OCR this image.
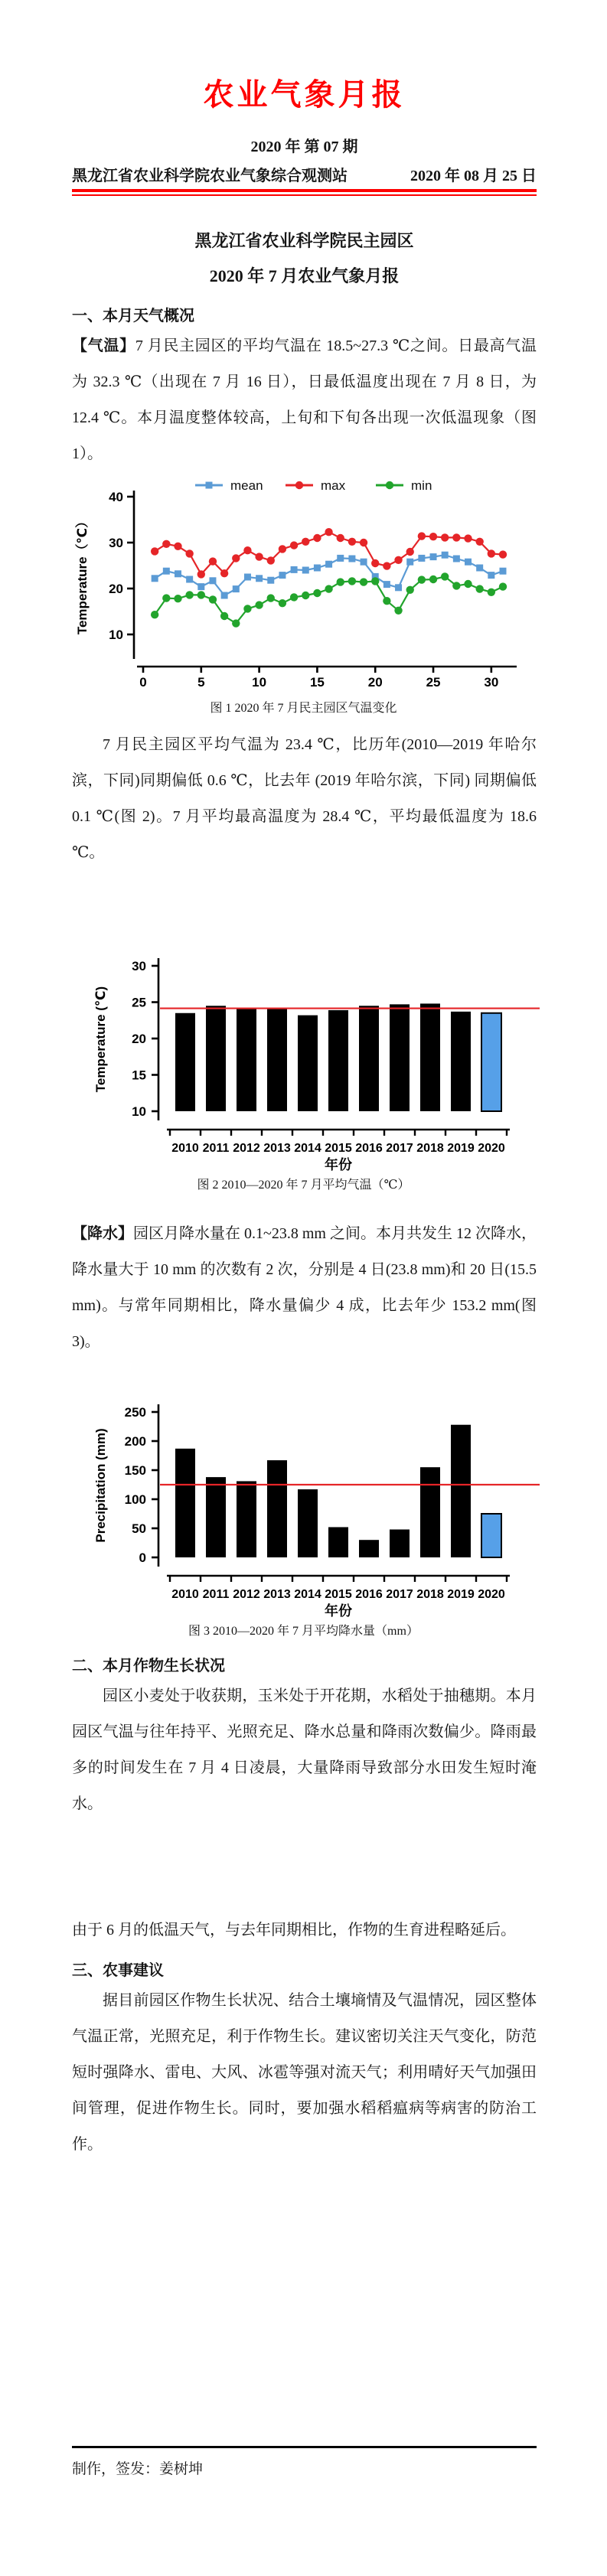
农业气象月报
2020 年 第 07 期
黑龙江省农业科学院农业气象综合观测站	2020 年 08 月 25 日
黑龙江省农业科学院民主园区
2020 年 7 月农业气象月报
一、本月天气概况

【气温】7 月民主园区的平均气温在 18.5~27.3 ℃之间。日最高气温为 32.3 ℃（出现在 7 月 16 日），日最低温度出现在 7 月 8 日，为 12.4 ℃。本月温度整体较高，上旬和下旬各出现一次低温现象（图 1）。

mean	max	min
10
20
30
40
Temperature（℃）
0	5	10	15	20	25	30
图 1 2020 年 7 月民主园区气温变化

7 月民主园区平均气温为 23.4 ℃，比历年(2010—2019 年哈尔滨，下同)同期偏低 0.6 ℃，比去年 (2019 年哈尔滨，下同) 同期偏低 0.1 ℃(图 2)。7 月平均最高温度为 28.4 ℃，平均最低温度为 18.6 ℃。

10
15
20
25
30
Temperature (℃)
2010 2011 2012 2013 2014 2015 2016 2017 2018 2019 2020
年份
图 2 2010—2020 年 7 月平均气温（℃）

【降水】园区月降水量在 0.1~23.8 mm 之间。本月共发生 12 次降水，降水量大于 10 mm 的次数有 2 次，分别是 4 日(23.8 mm)和 20 日(15.5 mm)。与常年同期相比，降水量偏少 4 成，比去年少 153.2 mm(图 3)。

0
50
100
150
200
250
Precipitation (mm)
2010 2011 2012 2013 2014 2015 2016 2017 2018 2019 2020
年份
图 3 2010—2020 年 7 月平均降水量（mm）
二、本月作物生长状况

园区小麦处于收获期，玉米处于开花期，水稻处于抽穗期。本月园区气温与往年持平、光照充足、降水总量和降雨次数偏少。降雨最多的时间发生在 7 月 4 日凌晨，大量降雨导致部分水田发生短时淹水。

由于 6 月的低温天气，与去年同期相比，作物的生育进程略延后。

三、农事建议

据目前园区作物生长状况、结合土壤墒情及气温情况，园区整体气温正常，光照充足，利于作物生长。建议密切关注天气变化，防范短时强降水、雷电、大风、冰雹等强对流天气；利用晴好天气加强田间管理，促进作物生长。同时，要加强水稻稻瘟病等病害的防治工作。

制作，签发：姜树坤
